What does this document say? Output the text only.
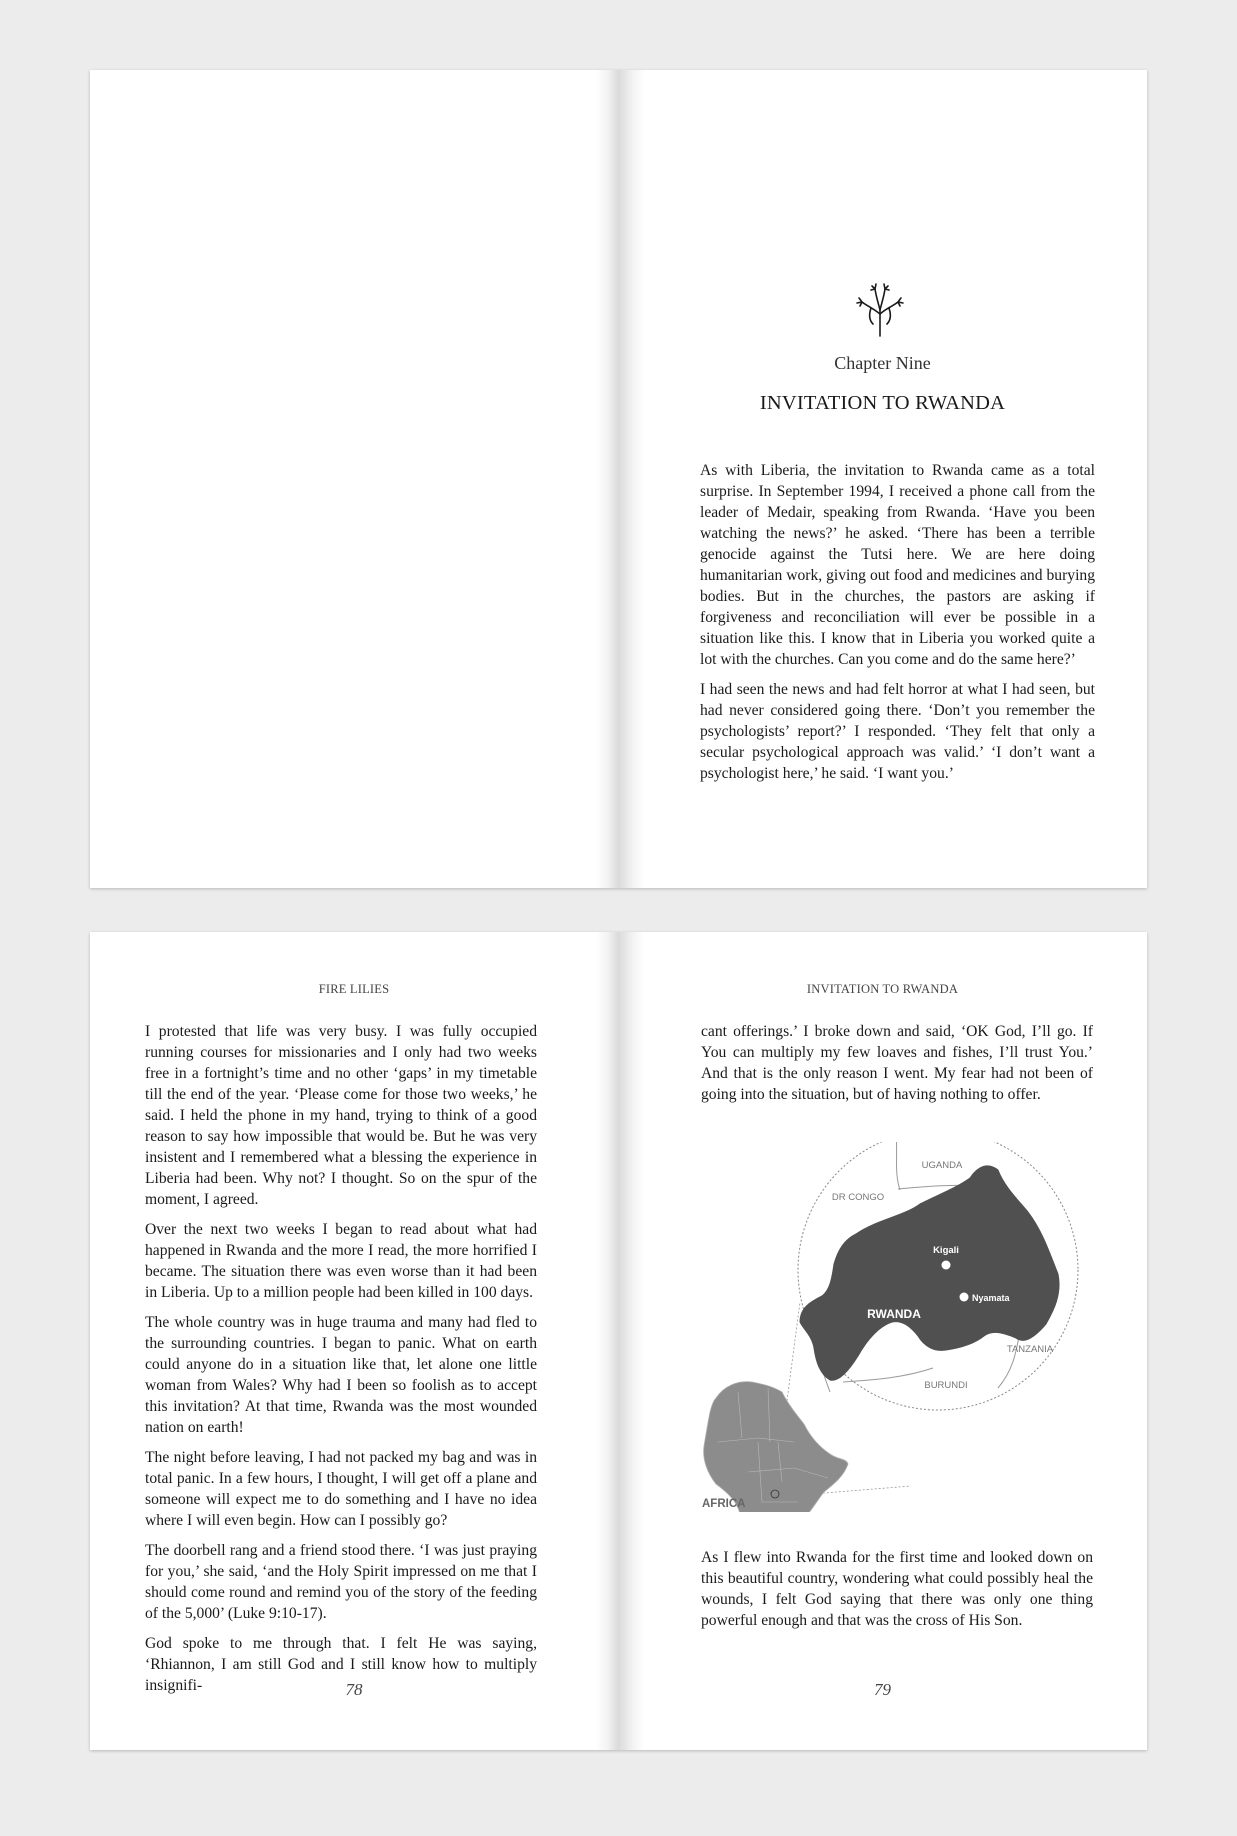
Chapter Nine
INVITATION TO RWANDA

As with Liberia, the invitation to Rwanda came as a total surprise. In September 1994, I received a phone call from the leader of Medair, speaking from Rwanda. ‘Have you been watching the news?’ he asked. ‘There has been a terrible genocide against the Tutsi here. We are here doing humanitarian work, giving out food and medicines and burying bodies. But in the churches, the pastors are asking if forgiveness and reconciliation will ever be possible in a situation like this. I know that in Liberia you worked quite a lot with the churches. Can you come and do the same here?’

I had seen the news and had felt horror at what I had seen, but had never considered going there. ‘Don’t you remember the psychologists’ report?’ I responded. ‘They felt that only a secular psychological approach was valid.’ ‘I don’t want a psychologist here,’ he said. ‘I want you.’

FIRE LILIES

I protested that life was very busy. I was fully occupied running courses for missionaries and I only had two weeks free in a fortnight’s time and no other ‘gaps’ in my timetable till the end of the year. ‘Please come for those two weeks,’ he said. I held the phone in my hand, trying to think of a good reason to say how impossible that would be. But he was very insistent and I remembered what a blessing the experience in Liberia had been. Why not? I thought. So on the spur of the moment, I agreed.

Over the next two weeks I began to read about what had happened in Rwanda and the more I read, the more horrified I became. The situation there was even worse than it had been in Liberia. Up to a million people had been killed in 100 days.

The whole country was in huge trauma and many had fled to the surrounding countries. I began to panic. What on earth could anyone do in a situation like that, let alone one little woman from Wales? Why had I been so foolish as to accept this invitation? At that time, Rwanda was the most wounded nation on earth!

The night before leaving, I had not packed my bag and was in total panic. In a few hours, I thought, I will get off a plane and someone will expect me to do something and I have no idea where I will even begin. How can I possibly go?

The doorbell rang and a friend stood there. ‘I was just praying for you,’ she said, ‘and the Holy Spirit impressed on me that I should come round and remind you of the story of the feeding of the 5,000’ (Luke 9:10-17).

God spoke to me through that. I felt He was saying, ‘Rhiannon, I am still God and I still know how to multiply insignifi-	78
INVITATION TO RWANDA

cant offerings.’ I broke down and said, ‘OK God, I’ll go. If You can multiply my few loaves and fishes, I’ll trust You.’ And that is the only reason I went. My fear had not been of going into the situation, but of having nothing to offer.

UGANDA
DR CONGO
Kigali
Nyamata
RWANDA
TANZANIA
BURUNDI
AFRICA

As I flew into Rwanda for the first time and looked down on this beautiful country, wondering what could possibly heal the wounds, I felt God saying that there was only one thing powerful enough and that was the cross of His Son.

79
